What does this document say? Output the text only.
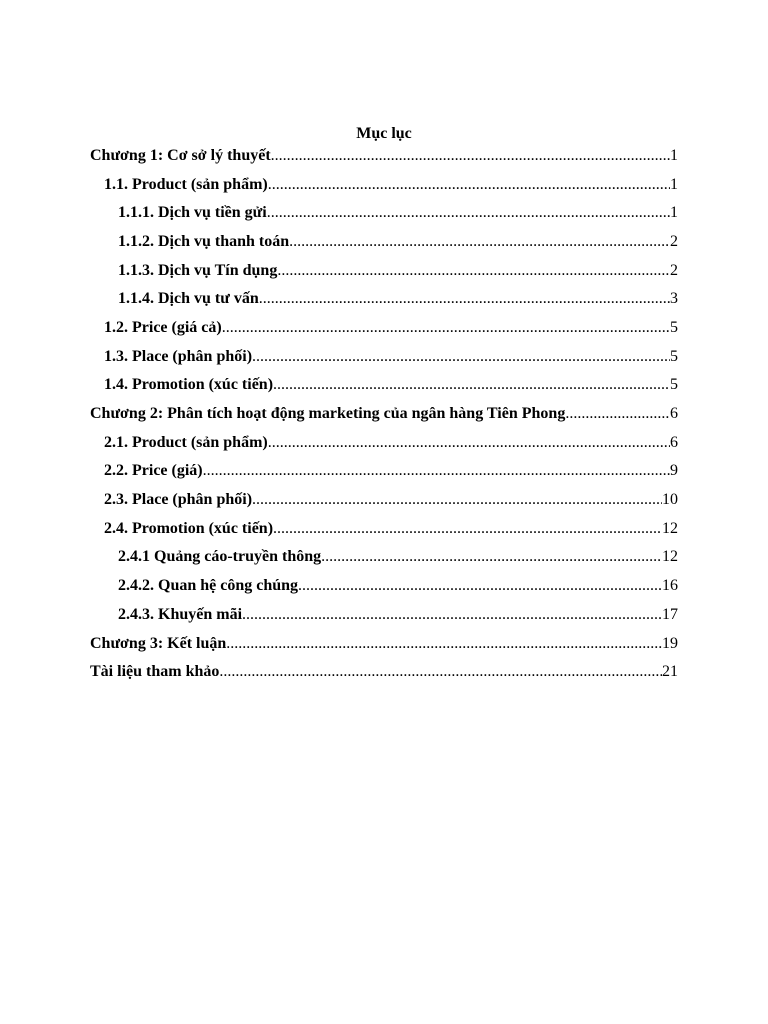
Mục lục
Chương 1: Cơ sở lý thuyết .....	1
1.1. Product (sản phẩm) .....	1
1.1.1. Dịch vụ tiền gửi .....	1
1.1.2. Dịch vụ thanh toán .....	2
1.1.3. Dịch vụ Tín dụng .....	2
1.1.4. Dịch vụ tư vấn .....	3
1.2. Price (giá cả) .....	5
1.3. Place (phân phối) .....	5
1.4. Promotion (xúc tiến) .....	5
Chương 2: Phân tích hoạt động marketing của ngân hàng Tiên Phong .....	6
2.1. Product (sản phẩm) .....	6
2.2. Price (giá) .....	9
2.3. Place (phân phối) .....	10
2.4. Promotion (xúc tiến) .....	12
2.4.1 Quảng cáo-truyền thông .....	12
2.4.2. Quan hệ công chúng .....	16
2.4.3. Khuyến mãi .....	17
Chương 3: Kết luận .....	19
Tài liệu tham khảo .....	21
